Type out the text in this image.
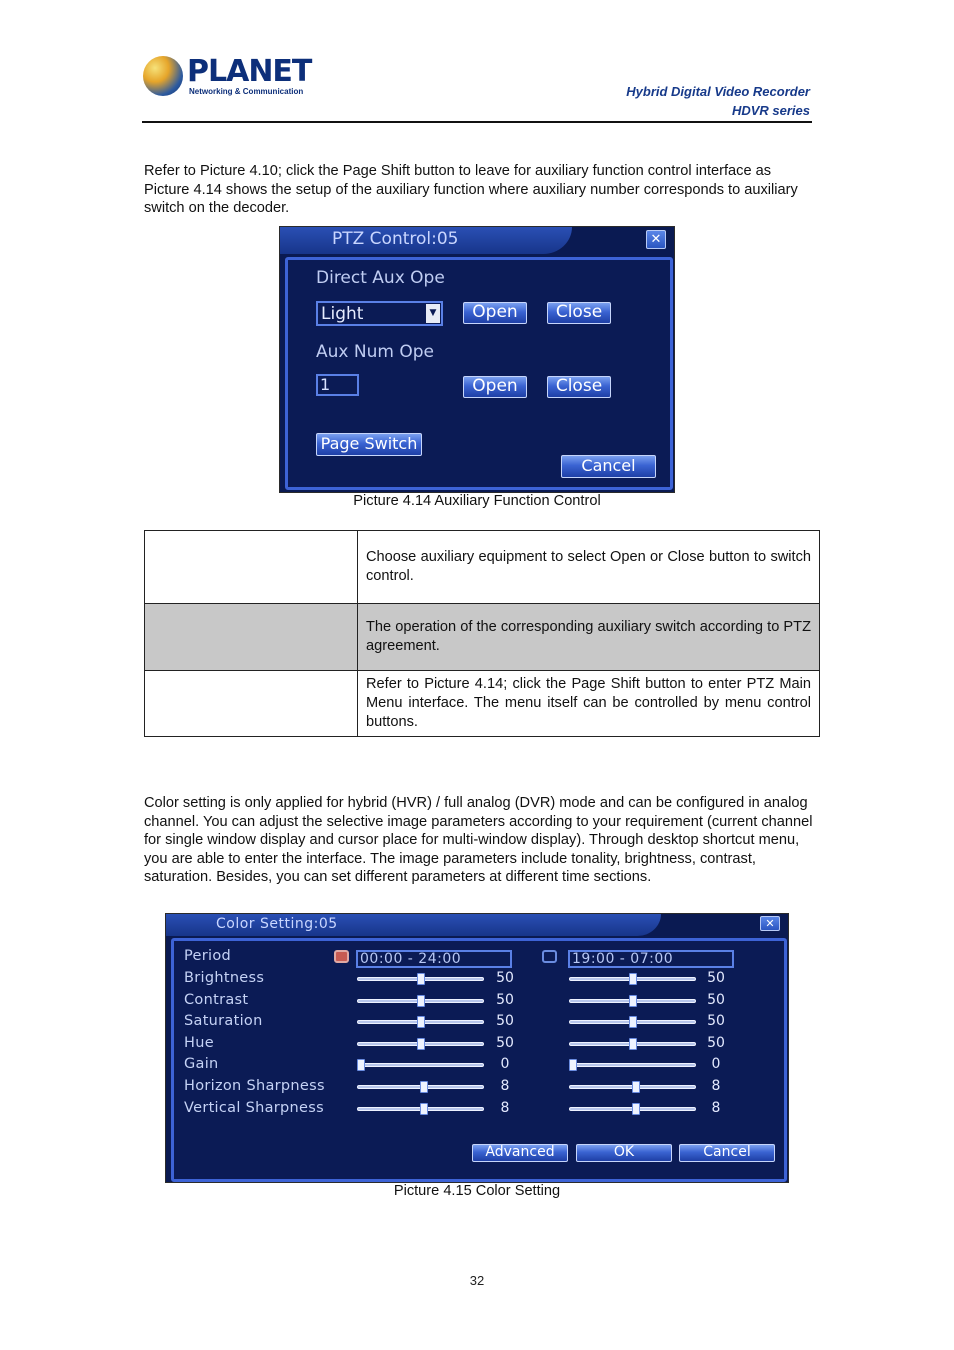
PLANET
Networking & Communication	Hybrid Digital Video Recorder
HDVR series
Refer to Picture 4.10; click the Page Shift button to leave for auxiliary function control interface as Picture 4.14 shows the setup of the auxiliary function where auxiliary number corresponds to auxiliary switch on the decoder.
PTZ Control:05	✕
Direct Aux Ope
Light	▼	Open	Close
Aux Num Ope
1	Open	Close
Page Switch
Cancel
Picture 4.14 Auxiliary Function Control
	Choose auxiliary equipment to select Open or Close button to switch control.
	The operation of the corresponding auxiliary switch according to PTZ agreement.
	Refer to Picture 4.14; click the Page Shift button to enter PTZ Main Menu interface. The menu itself can be controlled by menu control buttons.
Color setting is only applied for hybrid (HVR) / full analog (DVR) mode and can be configured in analog channel. You can adjust the selective image parameters according to your requirement (current channel for single window display and cursor place for multi-window display). Through desktop shortcut menu, you are able to enter the interface. The image parameters include tonality, brightness, contrast, saturation. Besides, you can set different parameters at different time sections.
Color Setting:05	✕
Period	00:00 - 24:00	19:00 - 07:00
Brightness	50	50
Contrast	50	50
Saturation	50	50
Hue	50	50
Gain	0	0
Horizon Sharpness	8	8
Vertical Sharpness	8	8
Advanced	OK	Cancel
Picture 4.15 Color Setting
32
